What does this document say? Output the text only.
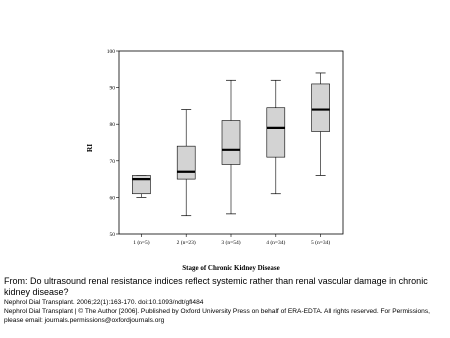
50
60
70
80
90
100
1 (n=5)	2 (n=23)	3 (n=54)	4 (n=34)	5 (n=34)
RI
Stage of Chronic Kidney Disease
From: Do ultrasound renal resistance indices reflect systemic rather than renal vascular damage in chronic kidney disease?
Nephrol Dial Transplant. 2006;22(1):163-170. doi:10.1093/ndt/gfl484
Nephrol Dial Transplant | © The Author [2006]. Published by Oxford University Press on behalf of ERA-EDTA. All rights reserved. For Permissions, please email: journals.permissions@oxfordjournals.org
